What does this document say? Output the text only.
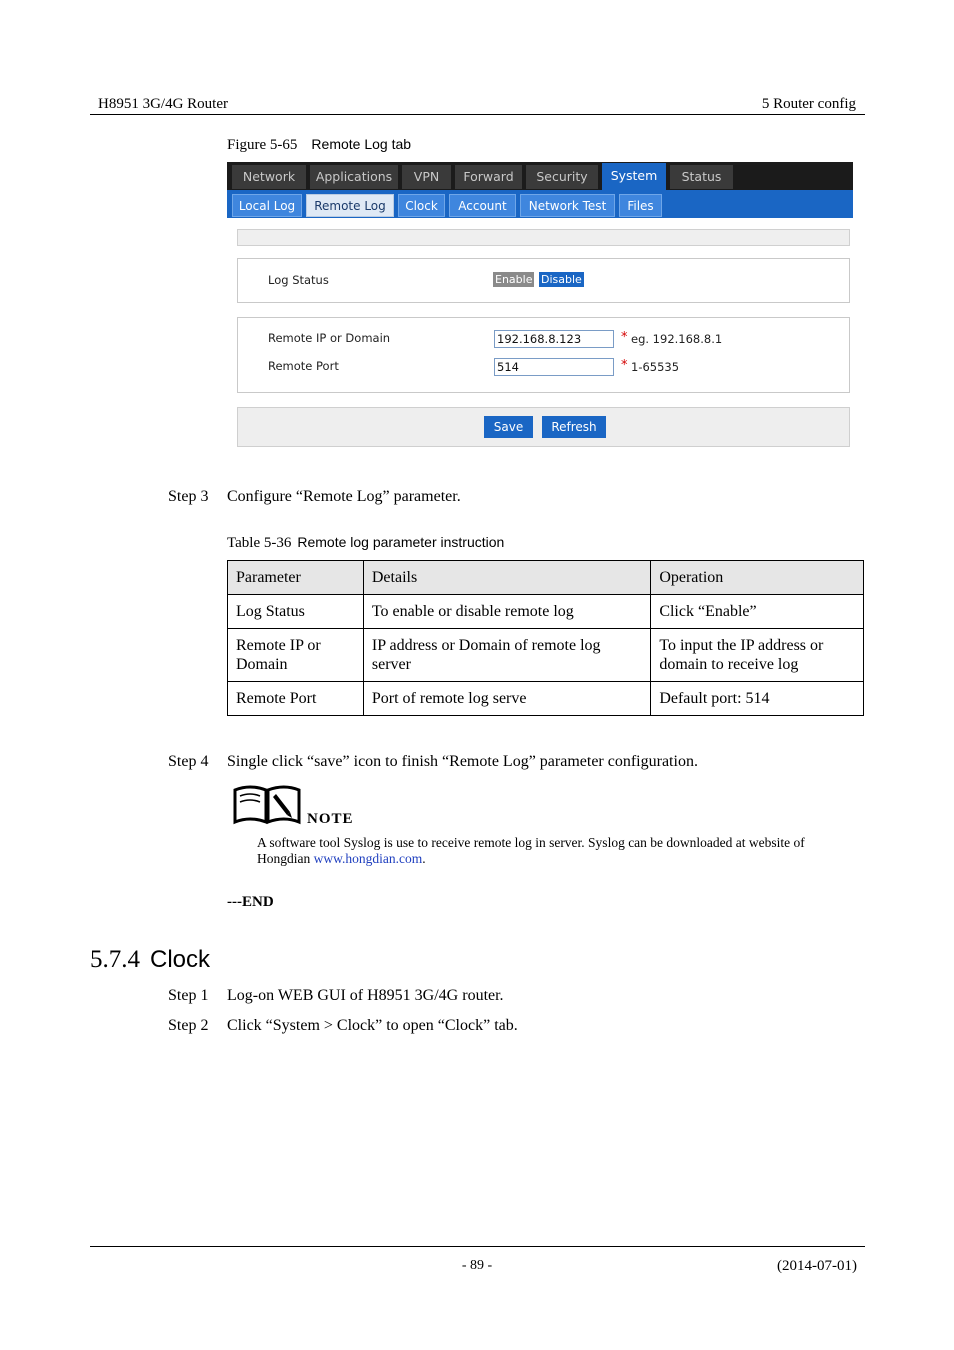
H8951 3G/4G Router	5 Router config
Figure 5-65 Remote Log tab
Network	Applications	VPN	Forward	Security	System	Status
Local Log	Remote Log	Clock	Account	Network Test	Files
Log Status	Enable Disable
Remote IP or Domain	192.168.8.123	* eg. 192.168.8.1
Remote Port	514	* 1-65535
Save	Refresh
Step 3 Configure “Remote Log” parameter.
Table 5-36 Remote log parameter instruction
Parameter	Details	Operation
Log Status	To enable or disable remote log	Click “Enable”
Remote IP or Domain	IP address or Domain of remote log server	To input the IP address or domain to receive log
Remote Port	Port of remote log serve	Default port: 514
Step 4 Single click “save” icon to finish “Remote Log” parameter configuration.
NOTE
A software tool Syslog is use to receive remote log in server. Syslog can be downloaded at website of Hongdian www.hongdian.com.
---END
5.7.4 Clock
Step 1 Log-on WEB GUI of H8951 3G/4G router.
Step 2 Click “System > Clock” to open “Clock” tab.
- 89 -	(2014-07-01)
